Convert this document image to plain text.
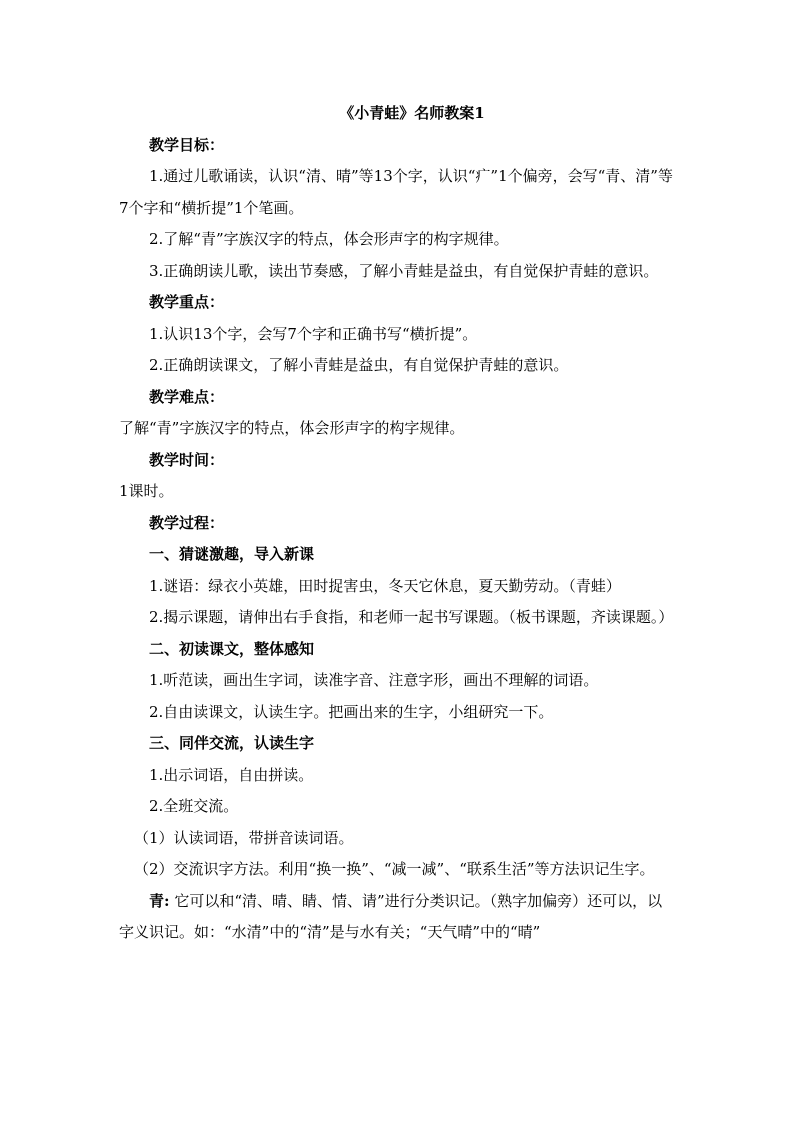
《小青蛙》名师教案1

教学目标：

1.通过儿歌诵读，认识“清、晴”等13个字，认识“疒”1个偏旁，会写“青、清”等7个字和“横折提”1个笔画。

2.了解“青”字族汉字的特点，体会形声字的构字规律。

3.正确朗读儿歌，读出节奏感，了解小青蛙是益虫，有自觉保护青蛙的意识。

教学重点：

1.认识13个字，会写7个字和正确书写“横折提”。

2.正确朗读课文，了解小青蛙是益虫，有自觉保护青蛙的意识。

教学难点：

了解“青”字族汉字的特点，体会形声字的构字规律。

教学时间：

1课时。

教学过程：

一、猜谜激趣，导入新课

1.谜语：绿衣小英雄，田时捉害虫，冬天它休息，夏天勤劳动。（青蛙）

2.揭示课题，请伸出右手食指，和老师一起书写课题。（板书课题，齐读课题。）

二、初读课文，整体感知

1.听范读，画出生字词，读准字音、注意字形，画出不理解的词语。

2.自由读课文，认读生字。把画出来的生字，小组研究一下。

三、同伴交流，认读生字

1.出示词语，自由拼读。

2.全班交流。

（1）认读词语，带拼音读词语。

（2）交流识字方法。利用“换一换”、“减一减”、“联系生活”等方法识记生字。

青: 它可以和“清、晴、睛、情、请”进行分类识记。（熟字加偏旁）还可以，以字义识记。如：“水清”中的“清”是与水有关；“天气晴”中的“晴”
